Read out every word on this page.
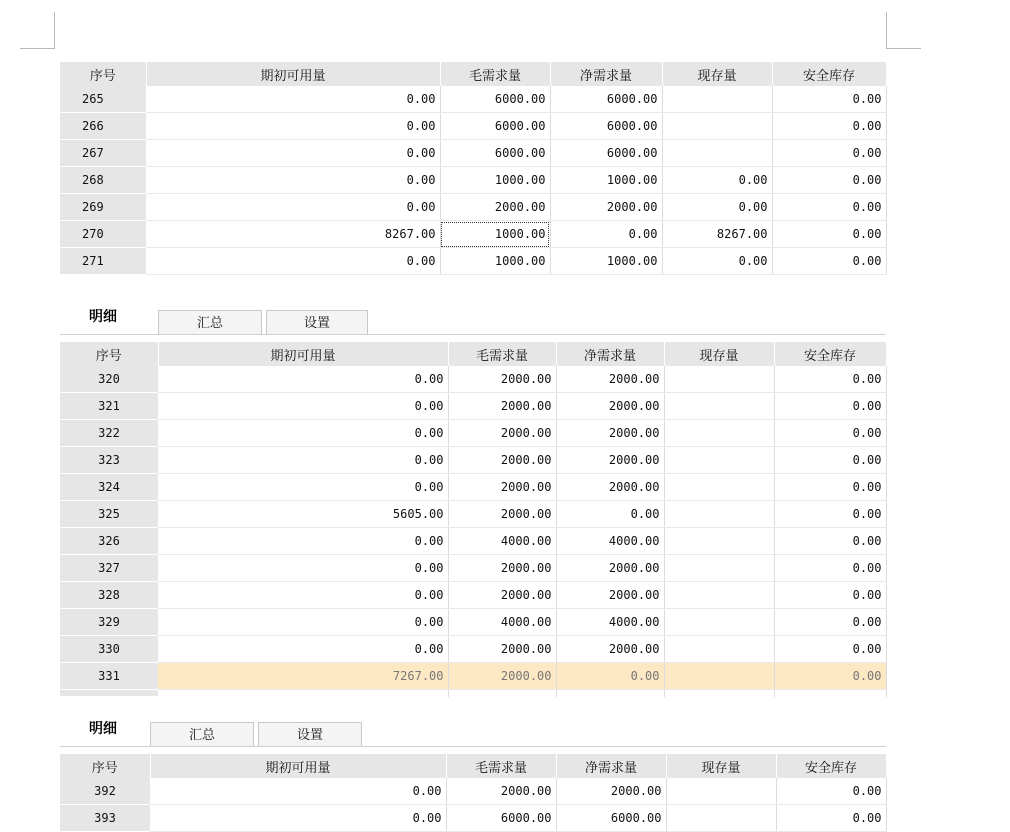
序号	期初可用量	毛需求量	净需求量	现存量	安全库存
265	0.00	6000.00	6000.00		0.00
266	0.00	6000.00	6000.00		0.00
267	0.00	6000.00	6000.00		0.00
268	0.00	1000.00	1000.00	0.00	0.00
269	0.00	2000.00	2000.00	0.00	0.00
270	8267.00	1000.00	0.00	8267.00	0.00
271	0.00	1000.00	1000.00	0.00	0.00
明细	汇总	设置
序号	期初可用量	毛需求量	净需求量	现存量	安全库存
320	0.00	2000.00	2000.00		0.00
321	0.00	2000.00	2000.00		0.00
322	0.00	2000.00	2000.00		0.00
323	0.00	2000.00	2000.00		0.00
324	0.00	2000.00	2000.00		0.00
325	5605.00	2000.00	0.00		0.00
326	0.00	4000.00	4000.00		0.00
327	0.00	2000.00	2000.00		0.00
328	0.00	2000.00	2000.00		0.00
329	0.00	4000.00	4000.00		0.00
330	0.00	2000.00	2000.00		0.00
331	7267.00	2000.00	0.00		0.00

明细	汇总	设置
序号	期初可用量	毛需求量	净需求量	现存量	安全库存
392	0.00	2000.00	2000.00		0.00
393	0.00	6000.00	6000.00		0.00
